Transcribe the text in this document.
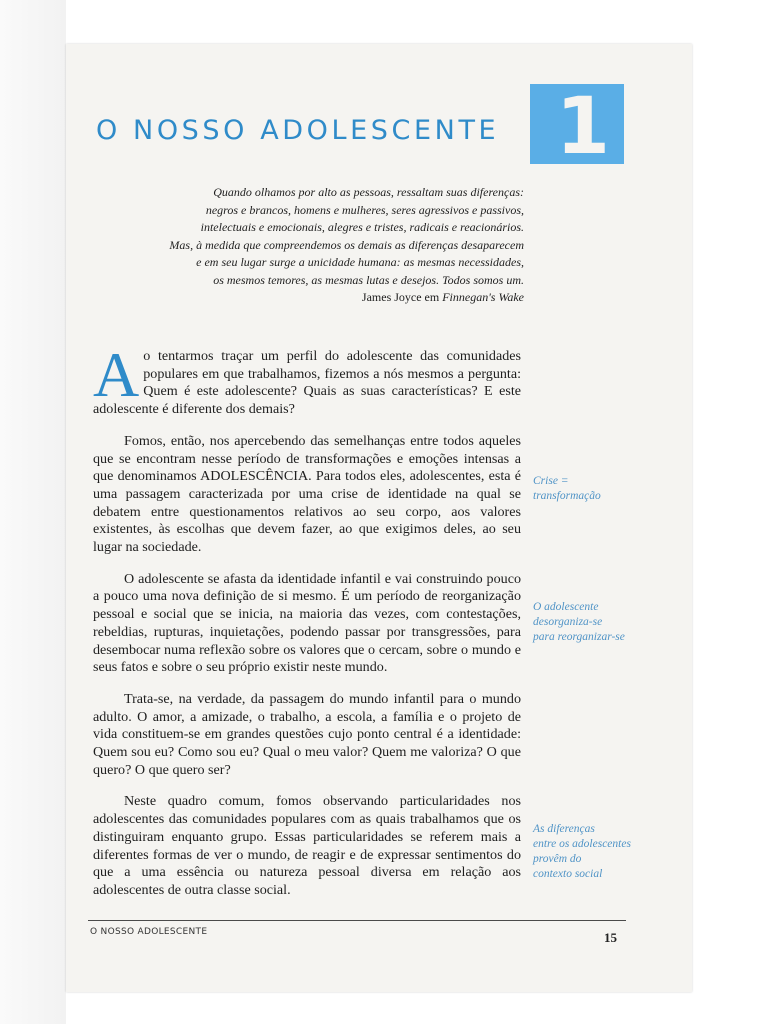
O NOSSO ADOLESCENTE 1
Quando olhamos por alto as pessoas, ressaltam suas diferenças:
negros e brancos, homens e mulheres, seres agressivos e passivos,
intelectuais e emocionais, alegres e tristes, radicais e reacionários.
Mas, à medida que compreendemos os demais as diferenças desaparecem
e em seu lugar surge a unicidade humana: as mesmas necessidades,
os mesmos temores, as mesmas lutas e desejos. Todos somos um.
James Joyce em Finnegan's Wake

Ao tentarmos traçar um perfil do adolescente das comunidades populares em que trabalhamos, fizemos a nós mesmos a pergunta: Quem é este adolescente? Quais as suas características? E este adolescente é diferente dos demais?

Fomos, então, nos apercebendo das semelhanças entre todos aqueles que se encontram nesse período de transformações e emoções intensas a que denominamos ADOLESCÊNCIA. Para todos eles, adolescentes, esta é uma passagem caracterizada por uma crise de identidade na qual se debatem entre questionamentos relativos ao seu corpo, aos valores existentes, às escolhas que devem fazer, ao que exigimos deles, ao seu lugar na sociedade.

O adolescente se afasta da identidade infantil e vai construindo pouco a pouco uma nova definição de si mesmo. É um período de reorganização pessoal e social que se inicia, na maioria das vezes, com contestações, rebeldias, rupturas, inquietações, podendo passar por transgressões, para desembocar numa reflexão sobre os valores que o cercam, sobre o mundo e seus fatos e sobre o seu próprio existir neste mundo.

Trata-se, na verdade, da passagem do mundo infantil para o mundo adulto. O amor, a amizade, o trabalho, a escola, a família e o projeto de vida constituem-se em grandes questões cujo ponto central é a identidade: Quem sou eu? Como sou eu? Qual o meu valor? Quem me valoriza? O que quero? O que quero ser?

Neste quadro comum, fomos observando particularidades nos adolescentes das comunidades populares com as quais trabalhamos que os distinguiram enquanto grupo. Essas particularidades se referem mais a diferentes formas de ver o mundo, de reagir e de expressar sentimentos do que a uma essência ou natureza pessoal diversa em relação aos adolescentes de outra classe social.

Crise =
transformação
O adolescente
desorganiza-se
para reorganizar-se
As diferenças
entre os adolescentes
provêm do
contexto social
O NOSSO ADOLESCENTE	15
